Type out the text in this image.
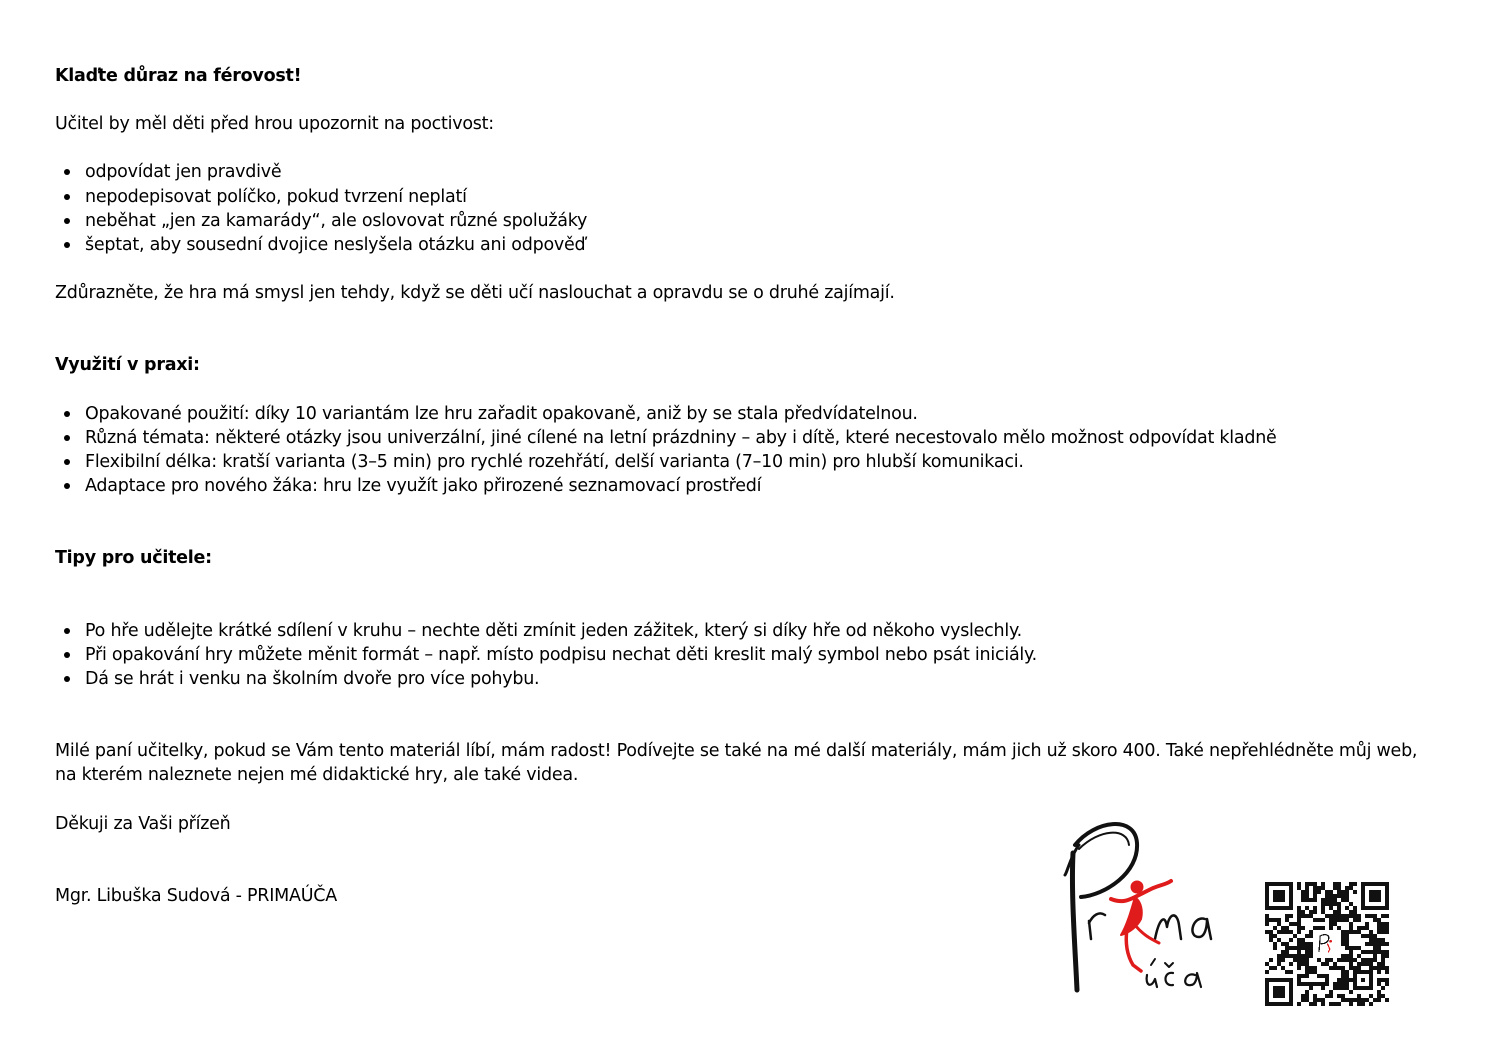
Klaďte důraz na férovost!

Učitel by měl děti před hrou upozornit na poctivost:

odpovídat jen pravdivě
nepodepisovat políčko, pokud tvrzení neplatí
neběhat „jen za kamarády“, ale oslovovat různé spolužáky
šeptat, aby sousední dvojice neslyšela otázku ani odpověď

Zdůrazněte, že hra má smysl jen tehdy, když se děti učí naslouchat a opravdu se o druhé zajímají.

Využití v praxi:

Opakované použití: díky 10 variantám lze hru zařadit opakovaně, aniž by se stala předvídatelnou.
Různá témata: některé otázky jsou univerzální, jiné cílené na letní prázdniny – aby i dítě, které necestovalo mělo možnost odpovídat kladně
Flexibilní délka: kratší varianta (3–5 min) pro rychlé rozehřátí, delší varianta (7–10 min) pro hlubší komunikaci.
Adaptace pro nového žáka: hru lze využít jako přirozené seznamovací prostředí

Tipy pro učitele:

Po hře udělejte krátké sdílení v kruhu – nechte děti zmínit jeden zážitek, který si díky hře od někoho vyslechly.
Při opakování hry můžete měnit formát – např. místo podpisu nechat děti kreslit malý symbol nebo psát iniciály.
Dá se hrát i venku na školním dvoře pro více pohybu.

Milé paní učitelky, pokud se Vám tento materiál líbí, mám radost! Podívejte se také na mé další materiály, mám jich už skoro 400. Také nepřehlédněte můj web, na kterém naleznete nejen mé didaktické hry, ale také videa.

Děkuji za Vaši přízeň

Mgr. Libuška Sudová - PRIMAÚČA
